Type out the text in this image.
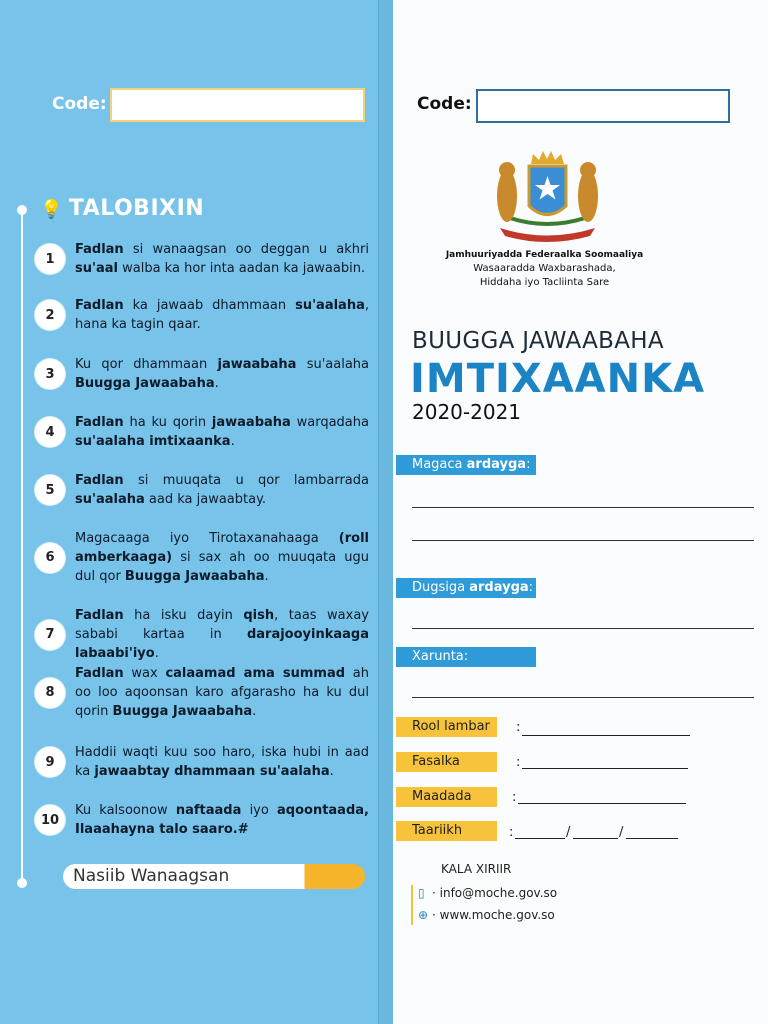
Code:
💡 TALOBIXIN
1
Fadlan si wanaagsan oo deggan u akhri su'aal walba ka hor inta aadan ka jawaabin.
2
Fadlan ka jawaab dhammaan su'aalaha, hana ka tagin qaar.
3
Ku qor dhammaan jawaabaha su'aalaha Buugga Jawaabaha.
4
Fadlan ha ku qorin jawaabaha warqadaha su'aalaha imtixaanka.
5
Fadlan si muuqata u qor lambarrada su'aalaha aad ka jawaabtay.
6
Magacaaga iyo Tirotaxanahaaga (roll amberkaaga) si sax ah oo muuqata ugu dul qor Buugga Jawaabaha.
7
Fadlan ha isku dayin qish, taas waxay sababi kartaa in darajooyinkaaga labaabi'iyo.
8
Fadlan wax calaamad ama summad ah oo loo aqoonsan karo afgarasho ha ku dul qorin Buugga Jawaabaha.
9
Haddii waqti kuu soo haro, iska hubi in aad ka jawaabtay dhammaan su'aalaha.
10
Ku kalsoonow naftaada iyo aqoontaada, Ilaaahayna talo saaro.#
Nasiib Wanaagsan
Code:
Jamhuuriyadda Federaalka Soomaaliya
Wasaaradda Waxbarashada,
Hiddaha iyo Tacliinta Sare
BUUGGA JAWAABAHA
IMTIXAANKA
2020-2021
Magaca ardayga:
Dugsiga ardayga:
Xarunta:
Rool lambar	:
Fasalka	:
Maadada	:
Taariikh	:	/	/
KALA XIRIIR
▯ · info@moche.gov.so
⊕ · www.moche.gov.so
